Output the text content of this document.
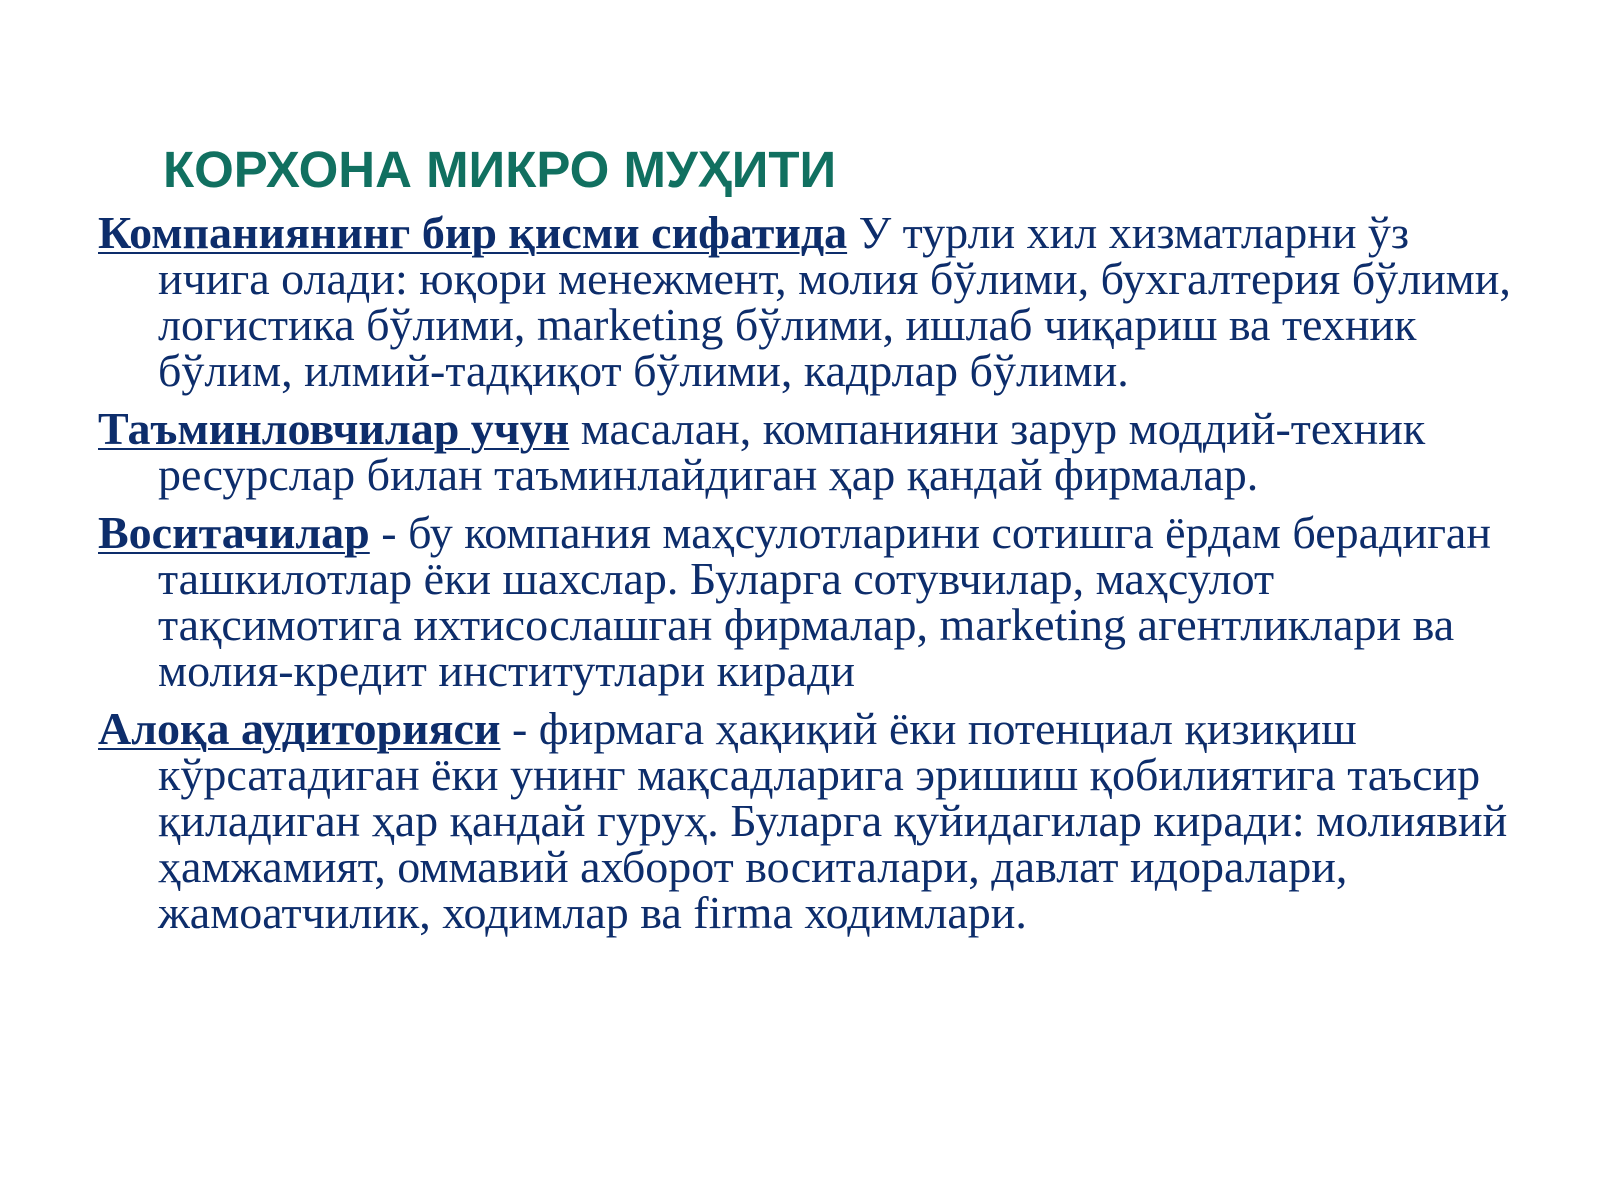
КОРХОНА МИКРО МУҲИТИ
Компаниянинг бир қисми сифатида У турли хил хизматларни ўз ичига олади: юқори менежмент, молия бўлими, бухгалтерия бўлими, логистика бўлими, marketing бўлими, ишлаб чиқариш ва техник бўлим, илмий-тадқиқот бўлими, кадрлар бўлими.
Таъминловчилар учун масалан, компанияни зарур моддий-техник ресурслар билан таъминлайдиган ҳар қандай фирмалар.
Воситачилар - бу компания маҳсулотларини сотишга ёрдам берадиган ташкилотлар ёки шахслар. Буларга сотувчилар, маҳсулот тақсимотига ихтисослашган фирмалар, marketing агентликлари ва молия-кредит институтлари киради
Алоқа аудиторияси - фирмага ҳақиқий ёки потенциал қизиқиш кўрсатадиган ёки унинг мақсадларига эришиш қобилиятига таъсир қиладиган ҳар қандай гуруҳ. Буларга қуйидагилар киради: молиявий ҳамжамият, оммавий ахборот воситалари, давлат идоралари, жамоатчилик, ходимлар ва firma ходимлари.
